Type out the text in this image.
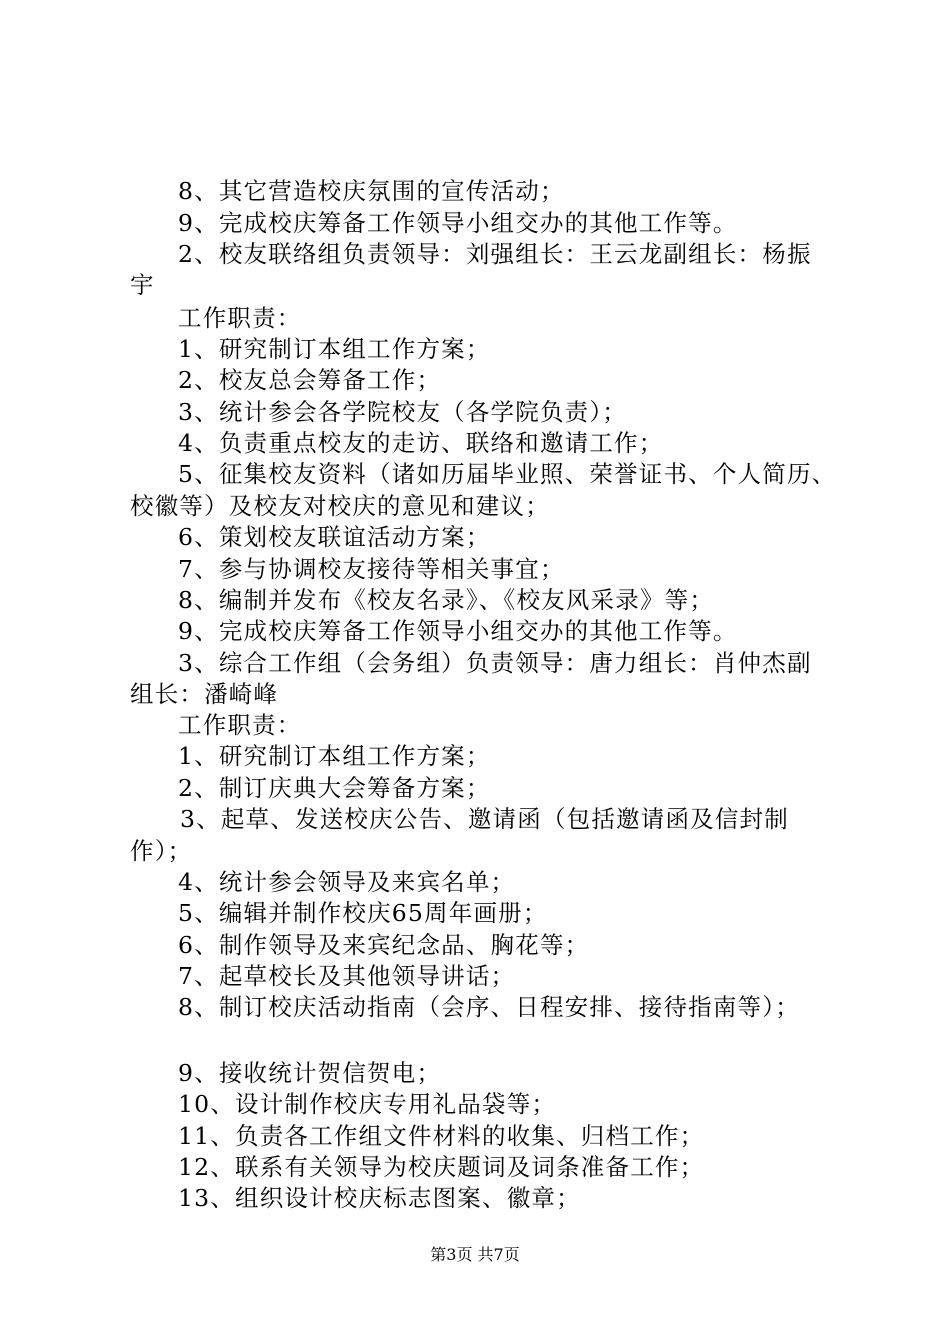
8、其它营造校庆氛围的宣传活动；
9、完成校庆筹备工作领导小组交办的其他工作等。
2、校友联络组负责领导：刘强组长：王云龙副组长：杨振
宇
工作职责：
1、研究制订本组工作方案；
2、校友总会筹备工作；
3、统计参会各学院校友（各学院负责）；
4、负责重点校友的走访、联络和邀请工作；
5、征集校友资料（诸如历届毕业照、荣誉证书、个人简历、
校徽等）及校友对校庆的意见和建议；
6、策划校友联谊活动方案；
7、参与协调校友接待等相关事宜；
8、编制并发布《校友名录》、《校友风采录》等；
9、完成校庆筹备工作领导小组交办的其他工作等。
3、综合工作组（会务组）负责领导：唐力组长：肖仲杰副
组长：潘崎峰
工作职责：
1、研究制订本组工作方案；
2、制订庆典大会筹备方案；
3、起草、发送校庆公告、邀请函（包括邀请函及信封制
作）；
4、统计参会领导及来宾名单；
5、编辑并制作校庆65周年画册；
6、制作领导及来宾纪念品、胸花等；
7、起草校长及其他领导讲话；
8、制订校庆活动指南（会序、日程安排、接待指南等）；
9、接收统计贺信贺电；
10、设计制作校庆专用礼品袋等；
11、负责各工作组文件材料的收集、归档工作；
12、联系有关领导为校庆题词及词条准备工作；
13、组织设计校庆标志图案、徽章；
第3页 共7页
